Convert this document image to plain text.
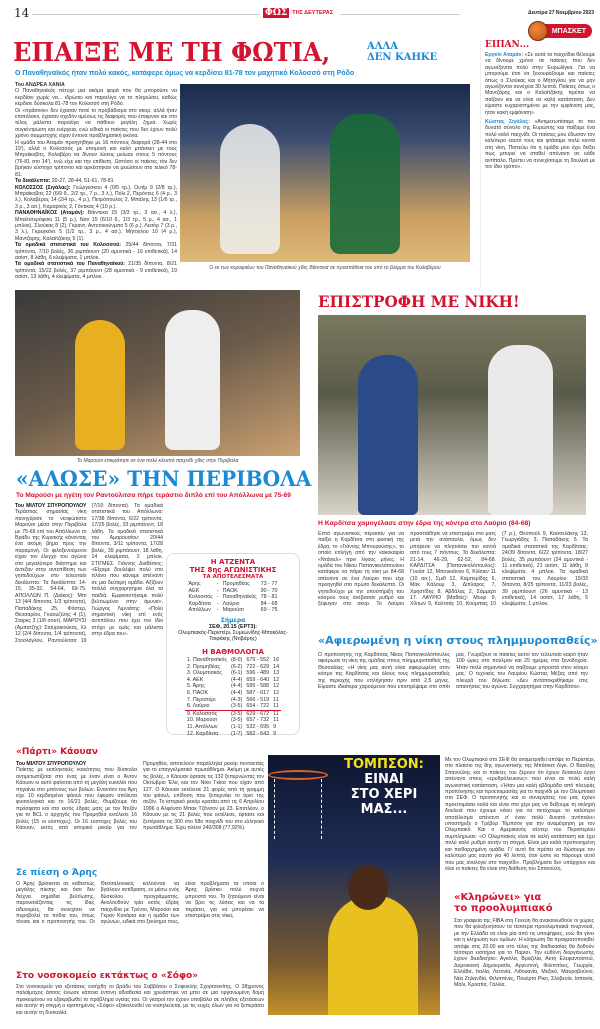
14	ΦΩΣ ΤΗΣ ΔΕΥΤΕΡΑΣ	Δευτέρα 27 Νοεμβρίου 2023
ΜΠΑΣΚΕΤ
ΕΠΑΙΞΕ ΜΕ ΤΗ ΦΩΤΙΑ,	ΑΛΛΑ
ΔΕΝ ΚΑΗΚΕ
Ο Παναθηναϊκός ήταν πολύ κακός, κατάφερε όμως να κερδίσει 81-78 τον μαχητικό Κολοσσό στη Ρόδο
Του ΑΝΔΡΕΑ ΧΑΝΙΑ

Ο Παναθηναϊκός πέτυχε μια ακόμα φορά που θα μπορούσε να κερδίσει χωρίς να... ιδρώσει και παραλίγο να το πληρώσει, καθώς κέρδισε δύσκολα 81-78 τον Κολοσσό στη Ρόδο.

Οι «πράσινοι» δεν έχασαν ποτέ το προβάδισμα στο σκορ, αλλά ήταν επιπόλαιοι, έχασαν σχεδόν αμέσως τις διαφορές που έπαιρναν και στο τέλος μάλιστα παραλίγο να πάθουν μεγάλη ζημιά. Χωρίς συγκέντρωση και ενέργεια, ενώ ειδικά οι παίκτες που δεν έχουν πολύ χρόνο συμμετοχής είχαν έντονα προβληματική εικόνα.

Η ομάδα του Αταμάν προηγήθηκε με 16 πόντους διαφορά (28-44 στο 19'), αλλά ο Κολοσσός με υπομονή και καλό μπάσκετ με τους Μπραϊκοβιτς, Κολαβέρο να δίνουν λύσεις μείωσε στους 5 πόντους (76-81 στο 14'), ενώ είχε και την επίθεση. Ωστόσο οι παίκτες του δεν βρήκαν εύστοχο τρίποντο και αρκέστηκαν να μειώσουν στο τελικό 78-81.

Τα δεκάλεπτα: 20-27, 28-44, 51-61, 78-81

ΚΟΛΟΣΣΟΣ (Σιγάλας): Γεώργεσκου 4 (0/5 τρ.), Ουτίμ 9 (2/8 τρ.), Μπραϊκοβιτς 22 (6/9 δ., 2/2 τρ., 7 ρ., 3 λ.), Πόλι 2, Περόντες 6 (4 ρ., 3 λ.), Κολαβέρος 14 (2/4 τρ., 4 ρ.), Πετρόπουλος 2, Μπάλης 13 (1/6 τρ., 3 ρ., 3 ασ.), Καμαρινός 2, Γόντικας 4 (10 ρ.).

ΠΑΝΑΘΗΝΑΪΚΟΣ (Αταμάν): Βάιντεκα 15 (3/3 τρ., 3 ασ., 4 λ.), Μπαλτσερόφσκι 11 (5 ρ.), Ναν 15 (6/10 δ., 1/3 τρ., 5 ρ., 4 ασ., 1 μπλοκ), Σλούκας 8 (2), Γκραντ, Αντετοκούνμπο 5 (6 ρ.), Λεσόρ 7 (3 ρ., 3 λ.), Γκρεγκόνε 5 (1/2 τρ., 3 ρ., 4 ασ.), Μήτογλου 10 (4 ρ.), Μαντζαρης, Καλαϊτζάκης 5 (1).

Τα ομαδικά στατιστικά του Κολοσσού: 25/44 δίποντα, 7/31 τρίποντα, 7/10 βολές, 36 ριμπάουντ (20 αμυντικά - 16 επιθετικά), 14 ασίστ, 8 λάθη, 6 κλεψίματα, 1 μπλοκ.

Τα ομαδικά στατιστικά του Παναθηναϊκού: 21/35 δίποντα, 8/21 τρίποντα, 15/22 βολές, 37 ριμπάουντ (28 αμυντικά - 9 επιθετικά), 19 ασίστ, 13 λάθη, 4 κλεψίματα, 4 μπλοκ.

Ο εκ των κορυφαίων του Παναθηναϊκού χθες Βάιντεκα σε προσπάθεια του υπό το βλέμμα του Κολαβέρου
ΕΙΠΑΝ...

Εργκίν Αταμάν: «Σε αυτά τα παιχνίδια θέλουμε να δίνουμε χρόνο σε παίκτες που δεν αγωνίζονται πολύ στην Ευρωλίγκα. Για να μπορούμε έτσι να ξεκουράζουμε και παίκτες όπως ο Σλούκας και ο Μήτογλου για να μην αγωνίζονται συνέχεια 30 λεπτά. Παίκτες όπως ο Μαντζάρης και ο Καλαϊτζάκης πρέπει να παίζουν και να είναι σε καλή κατάσταση. Δεν είμαστε ευχαριστημένοι με την εμφάνιση μας, ήταν κακή εμφάνιση».

Κώστας Σιγάλας: «Αντιμετωπίσαμε το πιο δυνατό σύνολο της Ευρώπης και παίξαμε ένα πολύ καλό παιχνίδι. Οι παίκτες μου έδωσαν τον καλύτερο εαυτό τους και φτάσαμε πολύ κοντά στη νίκη. Πιστεύω ότι η ομάδα μου έχει δείξει πως μπορεί να σταθεί απέναντι σε κάθε αντίπαλο. Πρέπει να συνεχίσουμε τη δουλειά με τον ίδιο τρόπο».

Το Μαρούσι επικράτησε σε ένα πολύ κλειστό παιχνίδι χθες στην Περιβόλα
«ΑΛΩΣΕ» ΤΗΝ ΠΕΡΙΒΟΛΑ
Το Μαρούσι με ηγέτη τον Ραντούλιτσα πήρε τεράστιο διπλό επί του Απόλλωνα με 75-69
Του ΜΙΛΤΟΥ ΣΠΥΡΟΠΟΥΛΟΥ Τεράστιας σημασίας νίκη πανηγύρισε το νεοφώτιστο Μαρούσι μέσα στην Περιβόλα με 75-69 επί του Απόλλωνα το Βράδυ της Κυριακής κάνοντας ένα ακόμη βήμα προς την παραμονή. Οι φιλοξενούμενοι είχαν τον έλεγχο του αγώνα στο μεγαλύτερο διάστημα και άντεξαν στην αντεπίθεση των γηπεδούχων στο τελευταίο δεκάλεπτο. Τα δεκάλεπτα: 14-15, 35-32, 54-64, 69-75. ΑΠΟΛΛΩΝ Π. (Διάκος): Μπι 13 (4/4 δίποντα, 1/3 τρίποντα), Παπαδάκης 25, Φόστερ, Θεοσαρίου, Γκαουζέλης 4 (1), Σταρκς 3 (1/8 σουτ). ΜΑΡΟΥΣΙ (Αμπατζής): Σταυρακούκας, Χλ 12 (2/4 δίποντα, 1/4 τρίποντα), Στοσλόγλου, Ραντούλιτσα 19 (7/10 δίποντα). Τα ομαδικά στατιστικά του Απόλλωνα: 17/38 δίποντα, 6/22 τρίποντα, 17/25 βολές, 33 ριμπάουντ, 18 λάθη. Τα ομαδικά στατιστικά του Αμαρουσίου: 20/44 δίποντα, 3/11 τρίποντα, 17/28 βολές, 39 ριμπάουντ, 18 λάθη, 14 κλεψίματα, 2 μπλοκ. ΣΤΙΓΜΕΣ. Γιάννης Διαθέσιος: «Είχαμε δουλέψει πολύ στο πλάνο που κάναμε απέναντι σε μια δεύτερη ομάδα. Αξίζουν πολλά συγχαρητήρια όλα τα παιδιά. Εμφανιστήκαμε πολύ βελτιωμένοι στην άμυνα». Γιώργος Λιμνιάτης: «Πολύ σημαντική νίκη επί ενός αντιπάλου που έχει τον ίδιο στόχο με εμάς και μάλιστα στην έδρα του».
Η ΑΤΖΕΝΤΑ
ΤΗΣ 8ης ΑΓΩΝΙΣΤΙΚΗΣ
ΤΑ ΑΠΟΤΕΛΕΣΜΑΤΑ
Άρης	-	Προμηθέας	73 - 77
ΑΕΚ	-	ΠΑΟΚ	90 - 70
Κολοσσός	-	Παναθηναϊκός	78 - 81
Καρδίτσα	-	Λαύριο	84 - 68
Απόλλων	-	Μαρούσι	69 - 75
Σήμερα
ΣΕΦ, 20.15 (ΕΡΤ3):
Ολυμπιακός-Περιστέρι, Συμεωνίδης-Μπακόλας-Τσιφάκης (Ντιβάρης)
Η ΒΑΘΜΟΛΟΓΙΑ
1. Παναθηναϊκός	(8-0)	679 - 552	16
2. Προμηθέας	(6-2)	722 - 629	14
3. Ολυμπιακός	(6-1)	596 - 489	13
4. ΑΕΚ	(4-4)	659 - 640	12
5. Άρης	(4-4)	595 - 588	12
6. ΠΑΟΚ	(4-4)	587 - 617	12
7. Περιστέρι	(4-3)	566 - 519	11
8. Λαύριο	(3-5)	654 - 722	11
9. Κολοσσός	(3-5)	629 - 672	11
10. Μαρούσι	(3-5)	657 - 732	11
11. Απόλλων	(1-1)	532 - 695	9
12. Καρδίτσα	(1-7)	582 - 643	9
ΕΠΙΣΤΡΟΦΗ ΜΕ ΝΙΚΗ!
Η Καρδίτσα χαμογέλασε στην έδρα της κόντρα στο Λαύριο (84-68)
Επτά αγωνιστικές πέρασαν για να παίξει η Καρδίτσα στη φυσική της έδρα, το «Γιάννης Μπουρούσης», το οποίο επλήγη από την κακοκαιρία «Ντάνιελ» πριν λίγους μήνες. Η ομάδα του Νίκου Παπανικολόπουλου κατάφερε να πάρει τη νίκη με 84-68 απέναντι σε ένα Λαύριο που είχε προηγηθεί στο πρώτο δεκάλεπτο. Οι γηπεδούχοι με την υποστήριξη του κόσμου τους ανέβασαν ρυθμό και ξέφυγαν στο σκορ. Το Λαύριο προσπάθησε να επιστρέψει στο ματς μετά την ανάπαυλα, όμως δεν μπόρεσε να πλησιάσει πιο κοντά από τους 7 πόντους. Τα δεκάλεπτα: 21-14, 46-29, 62-52, 84-68. ΚΑΡΔΙΤΣΑ (Παπανικολόπουλος): Γουάιτ 12, Μπουκιάναν 6, Κλίσιεν 11 (10 ασ.), Σμιθ 12, Καμπερίδης 6, Μακ Κάλουμ 3, Διπλαρος 7, Χρηστίδης 8, Αβδάλας 2, Σάμμερτ 17. ΛΑΥΡΙΟ (Μαθιός): Μουρ 9, Χίλτων 9, Καλτσάς 10, Κούμπιας 10 (7 ρ.), Θεοπούλ 9, Κασσελάκης 13, Γεωργιάδης 3, Παπαδάκης 5. Τα ομαδικά στατιστικά της Καρδίτσας: 24/39 δίποντα, 6/22 τρίποντα, 18/27 βολές, 35 ριμπάουντ (24 αμυντικά - 11 επιθετικά), 21 ασίστ, 11 λάθη, 8 κλεψίματα, 4 μπλοκ. Τα ομαδικά στατιστικά του Λαυρίου: 15/33 δίποντα, 8/25 τρίποντα, 11/23 βολές, 39 ριμπάουντ (26 αμυντικά - 13 επιθετικά), 14 ασίστ, 17 λάθη, 5 κλεψίματα, 1 μπλοκ.
«Αφιερωμένη η νίκη στους πλημμυροπαθείς»
Ο προπονητής της Καρδίτσας Νίκος Παπανικολόπουλος αφιέρωσε τη νίκη της ομάδας στους πλημμυροπαθείς της Θεσσαλίας: «Η νίκη μας αυτή είναι αφιερωμένη στον κόσμο της Καρδίτσας και όλους τους πλημμυροπαθείς της περιοχής που επλήγησαν πριν από 2,5 μήνες. Είμαστε ιδιαίτερα χαρούμενοι που επιστρέψαμε στο σπίτι μας. Γνωρίζουν οι παίκτες αυτοί τον τελευταίο καιρό ήταν 100 ώρες στο πούλμαν και 25 ημέρες στα ξενοδοχεία. Ήταν πολύ σημαντικό να παίξουμε μπροστά στον κόσμο μας. Ο τεχνικός του Λαυρίου Κώστας Μέξας από την πλευρά του δήλωσε: «Δεν ανταποκριθήκαμε στις απαιτήσεις του αγώνα. Συγχαρητήρια στην Καρδίτσα».
«Πάρτι» Κάουαν
Του ΜΙΛΤΟΥ ΣΠΥΡΟΠΟΥΛΟΥ
Παίκτης με εκπληκτικές ικανότητες που δύσκολα αντιμετωπίζεται στο ένας με έναν είναι ο Άντον Κάουαν κι αυτό φαίνεται από τη μεγάλη ευκολία που πηγαίνει στο μπόνους των βολών. Εναντίον του Άρη είχε 10 κερδισμένα φάουλ που έφεραν απόλυτα φυσιολογικά και το 16/21 βολές. Θυμίζουμε ότι πρόσφατα και στο εκτός έδρας ματς με τον Ντιζόν για το BCL ο αρχηγός του Προμηθέα εκτέλεσε 16 βολές (15 οι εύστοχες). Οι 16 εύστοχες βολές του Κάουαν, εκτός από ιστορικό ρεκόρ για τον Προμηθέα, αποτελούν παράλληλα ρεκόρ πενταετίας για το επαγγελματικό πρωτάθλημα. Ακόμη με αυτές τις βολές, ο Κάουαν έφτασε τις 132 ξεπερνώντας τον Οκτώβριο Έλις και τον Νίκο Γκίκα που είχαν από 127. Ο Κάουαν εκτέλεσε 21 φορές από τη γραμμή του φάουλ, επίδοση που ξεπερνάει το όριο της σεζόν. Το ιστορικό ρεκόρ κρατάει από τις 6 Απριλίου 1996 ο Αλφόνσο Μπακ Τζόνσον με 23. Επιπλέον, ο Κάουαν με τις 21 βολές που εκτέλεσε, έφτασε και ξεπέρασε τις 300 στο 58ο παιχνίδι του στο ελληνικό πρωτάθλημα. Έχει πλέον 240/308 (77,92%).
Σε πίεση ο Άρης
Ο Άρης βρίσκεται σε καθεστώς μεγάλης πίεσης και όσο δεν δείχνει σημάδια βελτίωσης, παρουσιάζοντας τις ίδιες αδυναμίες, θα συνεχίσει να πυροβολεί τα πόδια του, όπως τόνισε και ο προπονητής του. Οι Θεσσαλονικείς καλούνται να βγάλουν αντίδραση, εν μέσω ενός δύσκολου προγράμματος. Ακολουθούν τρία εκτός έδρας παιχνίδια με Τρέντο, Μαρούσι και Γκραν Κανάρια και η ομάδα των αγώνων, ειδικά στο ξεκίνημα τους, είναι προβλήματα τα οποία ο Άρης βρίσκει πολύ συχνά μπροστά του. Το ζητούμενο είναι να βρει τις λύσεις και να τα περάσει, για να μπορέσει να επιστρέψει στις νίκες.
Στο νοσοκομείο εκτάκτως ο «Σόφο»
Στο νοσοκομείο για εξετάσεις εισήχθη το βράδυ του Σαββάτου ο Σοφοκλής Σχορτσανίτης. Ο 38χρονος παλαίμαχος άσσος ένιωσε κάποια έντονη αδιαθεσία και χρειάστηκε να μπει σε μια οργανωμένη δομή προκειμένου να εξακριβωθεί το πρόβλημα υγείας του. Οι γιατροί τον έχουν υποβάλει σε πλήθος εξετάσεων και αυτήν τη στιγμή ο αγαπημένος «Σόφο» εξακολουθεί να νοσηλεύεται, με τις ευχές όλων για να ξεπεράσει και αυτήν τη δυσκολία.
ΤΟΜΠΣΟΝ:
ΕΙΝΑΙ
ΣΤΟ ΧΕΡΙ
ΜΑΣ...
Με τον Ολυμπιακό στο ΣΕΦ θα αναμετρηθεί απόψε το Περιστέρι, στο πλαίσιο της 8ης αγωνιστικής της Μπάσκετ Λιγκ. Ο Βασίλης Σπανούλης και οι παίκτες του ξέρουν ότι έχουν δύσκολο έργο απέναντι στους «ερυθρόλευκους» που είναι σε πολύ καλή αγωνιστική κατάσταση. «Ήταν μια καλή εβδομάδα από πλευράς προπόνησης και προετοιμασίας για το παιχνίδι με τον Ολυμπιακό στο ΣΕΦ. Ο προπονητής και οι συνεργάτες του μας έχουν προετοιμάσει καλά και είναι στο χέρι μας να δείξουμε τη σκληρή δουλειά που έχουμε κάνει για να πετύχουμε το καλύτερο αποτέλεσμα απέναντι σ' έναν πολύ δυνατό αντίπαλο» υποστήριξε ο Τρέβορ Τόμπσον για την αναμέτρηση με τον Ολυμπιακό. Και ο Αμερικανός σέντερ του Περιστερίου συμπλήρωσε: «Ο Ολυμπιακός είναι σε καλή κατάσταση και έχει πολύ καλό ρυθμό αυτήν τη στιγμή. Είναι μια καλά προπονημένη και πειθαρχημένη ομάδα. Γι' αυτό θα πρέπει να δώσουμε τον καλύτερο μας εαυτό για 40 λεπτά, έτσι ώστε να πάρουμε αυτό που μας αναλογεί στο παιχνίδι». Προβλήματα δεν υπάρχουν και όλοι οι παίκτες θα είναι στη διάθεση του Σπανούλη.
«Κληρώνει» για
το προολυμπιακό
Στα γραφεία της FIBA στη Γενεύη θα ανακοινωθούν οι χώρες που θα φιλοξενήσουν τα τέσσερα προολυμπιακά τουρνουά, με την Ελλάδα να είναι μία από τις υποψήφιες, ενώ θα γίνει και η κλήρωση των ομίλων. Η κλήρωση θα πραγματοποιηθεί απόψε στις 20.00 και στο τέλος της διαδικασίας θα δοθούν τέσσερα εισιτήρια για το Παρίσι. Την ευθύνη διοργάνωσης έχουν διεκδικήσει: Αγκόλα, Βραζιλία, Ακτή Ελεφαντοστού, Δομινικανή Δημοκρατία, Αργεντινή, Φιλιππίνες, Γεωργία, Ελλάδα, Ιταλία, Λετονία, Λιθουανία, Μεξικό, Μαυροβούνιο, Νέα Ζηλανδία, Φιλιππίνες, Πουέρτο Ρίκο, Σλοβενία, Ισπανία, Μάλι, Κροατία, Γαλλία.
